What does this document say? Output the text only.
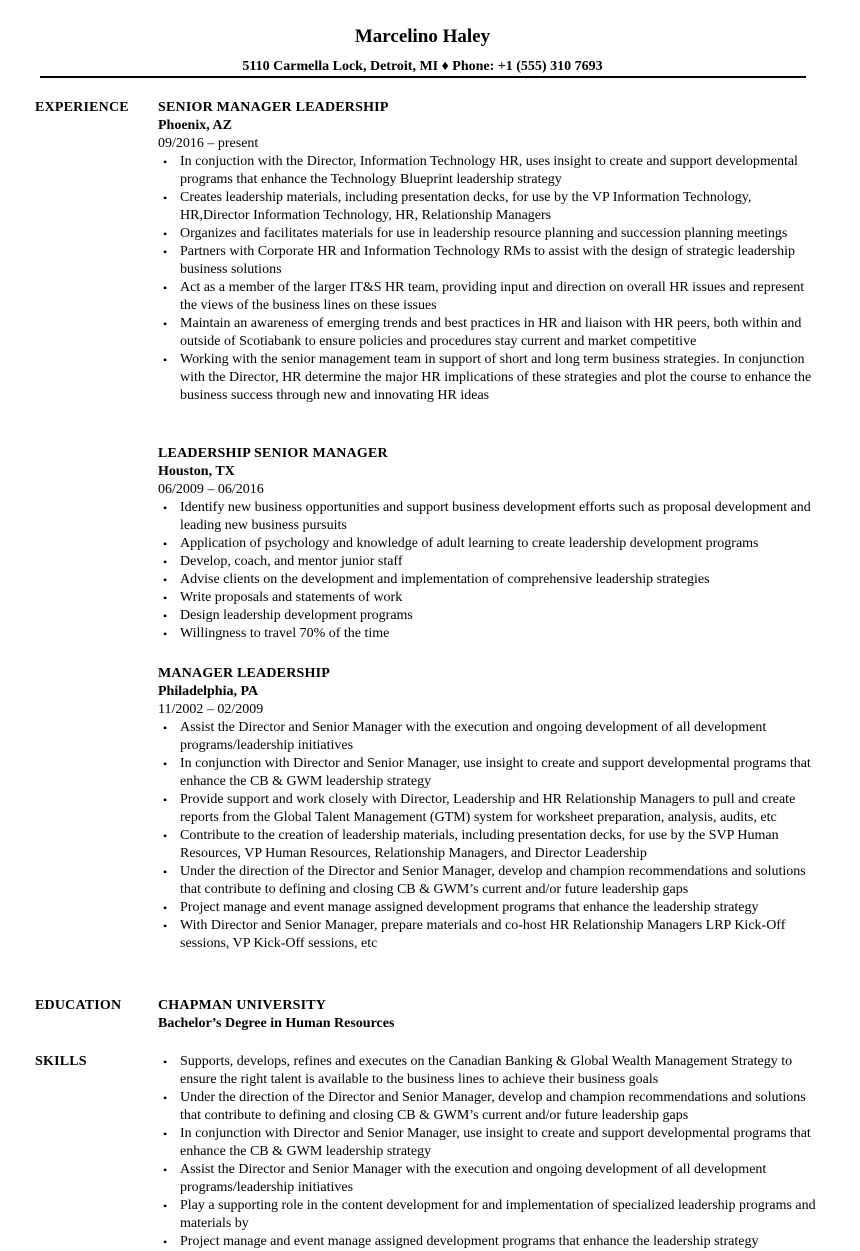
Marcelino Haley
5110 Carmella Lock, Detroit, MI ♦ Phone: +1 (555) 310 7693
EXPERIENCE SENIOR MANAGER LEADERSHIP
Phoenix, AZ
09/2016 – present
• In conjuction with the Director, Information Technology HR, uses insight to create and support developmental programs that enhance the Technology Blueprint leadership strategy
• Creates leadership materials, including presentation decks, for use by the VP Information Technology, HR,Director Information Technology, HR, Relationship Managers
• Organizes and facilitates materials for use in leadership resource planning and succession planning meetings
• Partners with Corporate HR and Information Technology RMs to assist with the design of strategic leadership business solutions
• Act as a member of the larger IT&S HR team, providing input and direction on overall HR issues and represent the views of the business lines on these issues
• Maintain an awareness of emerging trends and best practices in HR and liaison with HR peers, both within and outside of Scotiabank to ensure policies and procedures stay current and market competitive
• Working with the senior management team in support of short and long term business strategies. In conjunction with the Director, HR determine the major HR implications of these strategies and plot the course to enhance the business success through new and innovating HR ideas
LEADERSHIP SENIOR MANAGER
Houston, TX
06/2009 – 06/2016
• Identify new business opportunities and support business development efforts such as proposal development and leading new business pursuits
• Application of psychology and knowledge of adult learning to create leadership development programs
• Develop, coach, and mentor junior staff
• Advise clients on the development and implementation of comprehensive leadership strategies
• Write proposals and statements of work
• Design leadership development programs
• Willingness to travel 70% of the time
MANAGER LEADERSHIP
Philadelphia, PA
11/2002 – 02/2009
• Assist the Director and Senior Manager with the execution and ongoing development of all development programs/leadership initiatives
• In conjunction with Director and Senior Manager, use insight to create and support developmental programs that enhance the CB & GWM leadership strategy
• Provide support and work closely with Director, Leadership and HR Relationship Managers to pull and create reports from the Global Talent Management (GTM) system for worksheet preparation, analysis, audits, etc
• Contribute to the creation of leadership materials, including presentation decks, for use by the SVP Human Resources, VP Human Resources, Relationship Managers, and Director Leadership
• Under the direction of the Director and Senior Manager, develop and champion recommendations and solutions that contribute to defining and closing CB & GWM’s current and/or future leadership gaps
• Project manage and event manage assigned development programs that enhance the leadership strategy
• With Director and Senior Manager, prepare materials and co-host HR Relationship Managers LRP Kick-Off sessions, VP Kick-Off sessions, etc
EDUCATION	CHAPMAN UNIVERSITY
Bachelor’s Degree in Human Resources
SKILLS
•	Supports, develops, refines and executes on the Canadian Banking & Global Wealth Management Strategy to ensure the right talent is available to the business lines to achieve their business goals
• Under the direction of the Director and Senior Manager, develop and champion recommendations and solutions that contribute to defining and closing CB & GWM’s current and/or future leadership gaps
• In conjunction with Director and Senior Manager, use insight to create and support developmental programs that enhance the CB & GWM leadership strategy
• Assist the Director and Senior Manager with the execution and ongoing development of all development programs/leadership initiatives
• Play a supporting role in the content development for and implementation of specialized leadership programs and materials by
• Project manage and event manage assigned development programs that enhance the leadership strategy
